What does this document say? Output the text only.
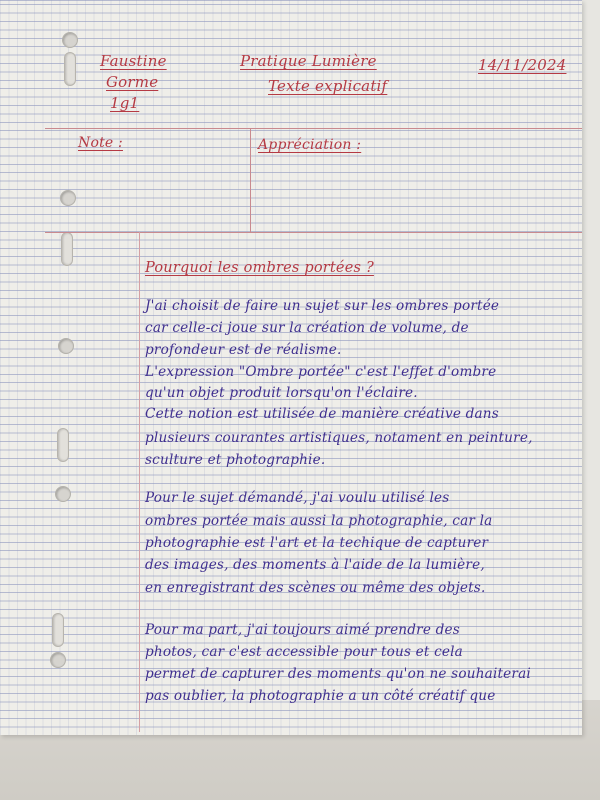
Faustine
Gorme
1g1
Pratique Lumière
Texte explicatif
14/11/2024
Note :	Appréciation :
Pourquoi les ombres portées ?
J'ai choisit de faire un sujet sur les ombres portée
car celle-ci joue sur la création de volume, de
profondeur est de réalisme.
L'expression "Ombre portée" c'est l'effet d'ombre
qu'un objet produit lorsqu'on l'éclaire.
Cette notion est utilisée de manière créative dans
plusieurs courantes artistiques, notament en peinture,
sculture et photographie.
Pour le sujet démandé, j'ai voulu utilisé les
ombres portée mais aussi la photographie, car la
photographie est l'art et la techique de capturer
des images, des moments à l'aide de la lumière,
en enregistrant des scènes ou même des objets.
Pour ma part, j'ai toujours aimé prendre des
photos, car c'est accessible pour tous et cela
permet de capturer des moments qu'on ne souhaiterai
pas oublier, la photographie a un côté créatif que
